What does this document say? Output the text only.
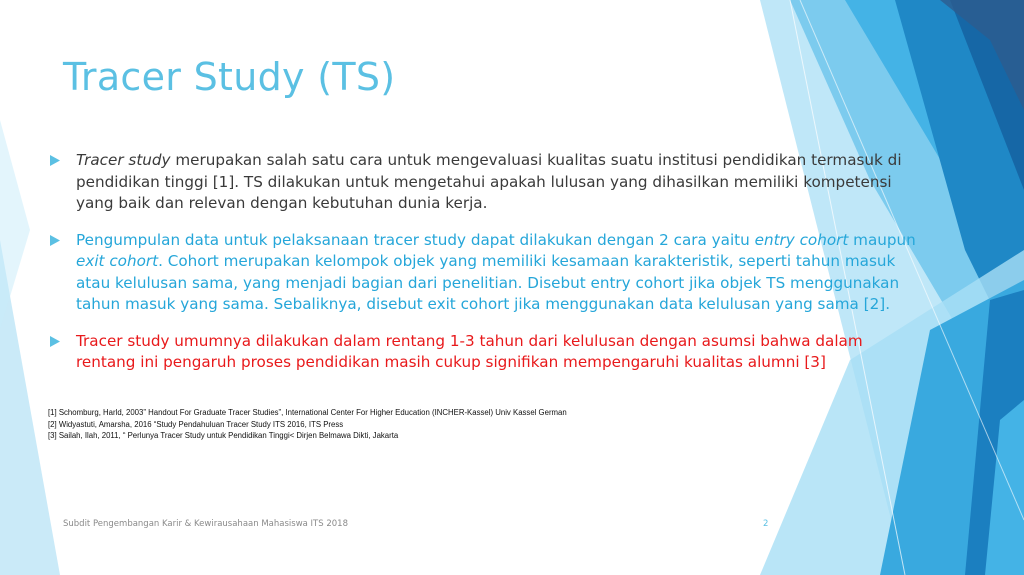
Tracer Study (TS)
Tracer study merupakan salah satu cara untuk mengevaluasi kualitas suatu institusi pendidikan termasuk di pendidikan tinggi [1]. TS dilakukan untuk mengetahui apakah lulusan yang dihasilkan memiliki kompetensi yang baik dan relevan dengan kebutuhan dunia kerja.
Pengumpulan data untuk pelaksanaan tracer study dapat dilakukan dengan 2 cara yaitu entry cohort maupun exit cohort. Cohort merupakan kelompok objek yang memiliki kesamaan karakteristik, seperti tahun masuk atau kelulusan sama, yang menjadi bagian dari penelitian. Disebut entry cohort jika objek TS menggunakan tahun masuk yang sama. Sebaliknya, disebut exit cohort jika menggunakan data kelulusan yang sama [2].
Tracer study umumnya dilakukan dalam rentang 1-3 tahun dari kelulusan dengan asumsi bahwa dalam rentang ini pengaruh proses pendidikan masih cukup signifikan mempengaruhi kualitas alumni [3]
[1] Schomburg, Harld, 2003” Handout For Graduate Tracer Studies”, International Center For Higher Education (INCHER-Kassel) Univ Kassel German
[2] Widyastuti, Amarsha, 2016 “Study Pendahuluan Tracer Study ITS 2016, ITS Press
[3] Sailah, Ilah, 2011, “ Perlunya Tracer Study untuk Pendidikan Tinggi< Dirjen Belmawa Dikti, Jakarta
Subdit Pengembangan Karir & Kewirausahaan Mahasiswa ITS 2018	2
